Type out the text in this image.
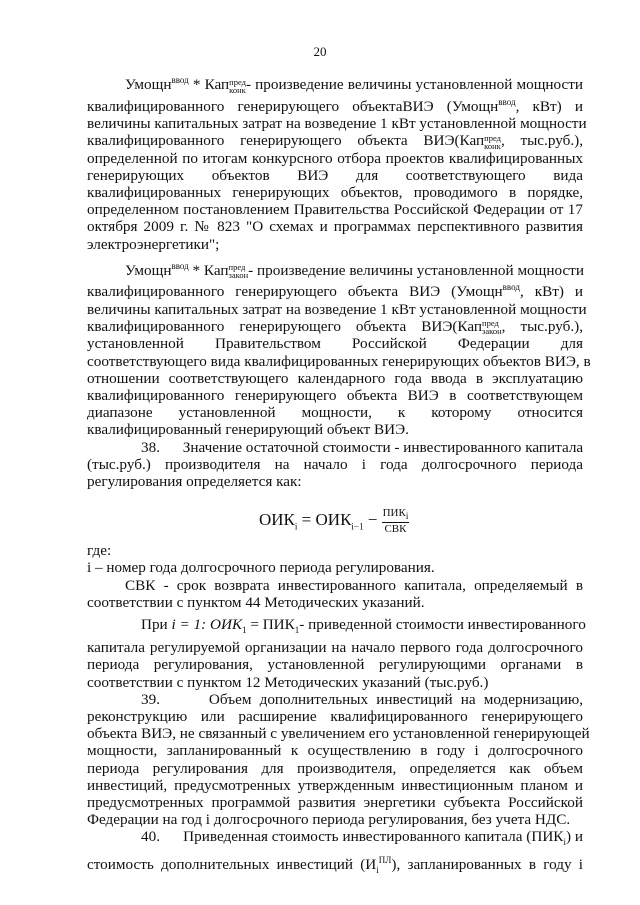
20
Умощн$^{ввод}$ * Кап пред
конк - произведение величины установленной мощности
квалифицированного генерирующего объектаВИЭ (Умощн$^{ввод}$, кВт) и
величины капитальных затрат на возведение 1 кВт установленной мощности
квалифицированного генерирующего объекта ВИЭ(Кап пред
конк , тыс.руб.),
определенной по итогам конкурсного отбора проектов квалифицированных
генерирующих объектов ВИЭ для соответствующего вида
квалифицированных генерирующих объектов, проводимого в порядке,
определенном постановлением Правительства Российской Федерации от 17
октября 2009 г. № 823 "О схемах и программах перспективного развития
электроэнергетики";
Умощн$^{ввод}$ * Кап пред
закон - произведение величины установленной мощности
квалифицированного генерирующего объекта ВИЭ (Умощн$^{ввод}$, кВт) и
величины капитальных затрат на возведение 1 кВт установленной мощности
квалифицированного генерирующего объекта ВИЭ(Кап пред
закон , тыс.руб.),
установленной Правительством Российской Федерации для
соответствующего вида квалифицированных генерирующих объектов ВИЭ, в
отношении соответствующего календарного года ввода в эксплуатацию
квалифицированного генерирующего объекта ВИЭ в соответствующем
диапазоне установленной мощности, к которому относится
квалифицированный генерирующий объект ВИЭ.
38.      Значение остаточной стоимости - инвестированного капитала
(тыс.руб.) производителя на начало i года долгосрочного периода
регулирования определяется как:
$ОИК_i = ОИК_{i-1} - \frac{ПИК_i}{\text{СВК}}$
где:
i – номер года долгосрочного периода регулирования.
СВК - срок возврата инвестированного капитала, определяемый в
соответствии с пунктом 44 Методических указаний.
При i = 1: $ОИК_1 = ПИК_1-$ приведенной стоимости инвестированного
капитала регулируемой организации на начало первого года долгосрочного
периода регулирования, установленной регулирующими органами в
соответствии с пунктом 12 Методических указаний (тыс.руб.)
39.      Объем дополнительных инвестиций на модернизацию,
реконструкцию или расширение квалифицированного генерирующего
объекта ВИЭ, не связанный с увеличением его установленной генерирующей
мощности, запланированный к осуществлению в году i долгосрочного
периода регулирования для производителя, определяется как объем
инвестиций, предусмотренных утвержденным инвестиционным планом и
предусмотренных программой развития энергетики субъекта Российской
Федерации на год i долгосрочного периода регулирования, без учета НДС.
40.      Приведенная стоимость инвестированного капитала $(ПИК_i)$ и
стоимость дополнительных инвестиций $(И_i^{ПЛ})$, запланированных в году i
